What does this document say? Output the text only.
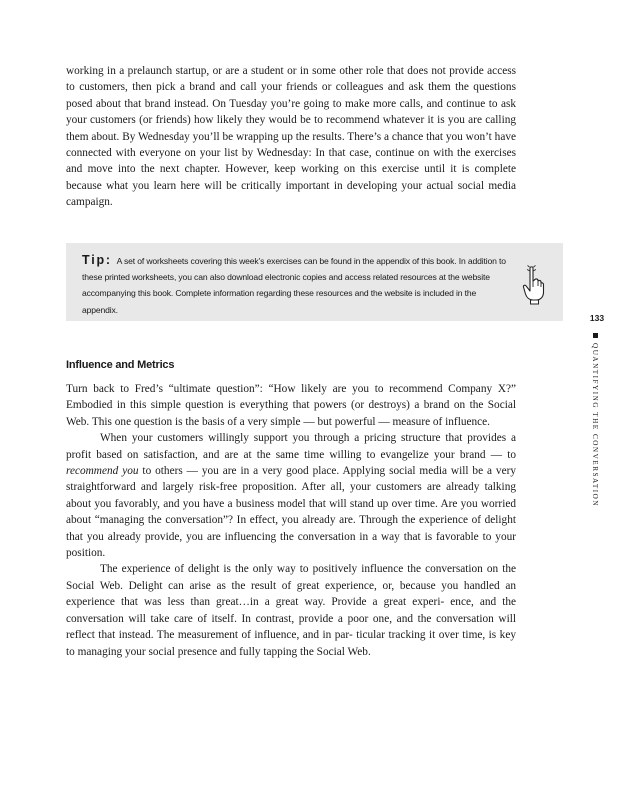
working in a prelaunch startup, or are a student or in some other role that does not provide access to customers, then pick a brand and call your friends or colleagues and ask them the questions posed about that brand instead. On Tuesday you’re going to make more calls, and continue to ask your customers (or friends) how likely they would be to recommend whatever it is you are calling them about. By Wednesday you’ll be wrapping up the results. There’s a chance that you won’t have connected with everyone on your list by Wednesday: In that case, continue on with the exercises and move into the next chapter. However, keep working on this exercise until it is complete because what you learn here will be critically important in developing your actual social media campaign.

Tip: A set of worksheets covering this week’s exercises can be found in the appendix of this book. In addition to these printed worksheets, you can also download electronic copies and access related resources at the website accompanying this book. Complete information regarding these resources and the website is included in the appendix.
Influence and Metrics

Turn back to Fred’s “ultimate question”: “How likely are you to recommend Company X?” Embodied in this simple question is everything that powers (or destroys) a brand on the Social Web. This one question is the basis of a very simple — but powerful — measure of influence.

When your customers willingly support you through a pricing structure that provides a profit based on satisfaction, and are at the same time willing to evangelize your brand — to recommend you to others — you are in a very good place. Applying social media will be a very straightforward and largely risk-free proposition. After all, your customers are already talking about you favorably, and you have a business model that will stand up over time. Are you worried about “managing the conversation”? In effect, you already are. Through the experience of delight that you already provide, you are influencing the conversation in a way that is favorable to your position.

The experience of delight is the only way to positively influence the conversation on the Social Web. Delight can arise as the result of great experience, or, because you handled an experience that was less than great…in a great way. Provide a great experi- ence, and the conversation will take care of itself. In contrast, provide a poor one, and the conversation will reflect that instead. The measurement of influence, and in par- ticular tracking it over time, is key to managing your social presence and fully tapping the Social Web.

133
QUANTIFYING THE CONVERSATION
